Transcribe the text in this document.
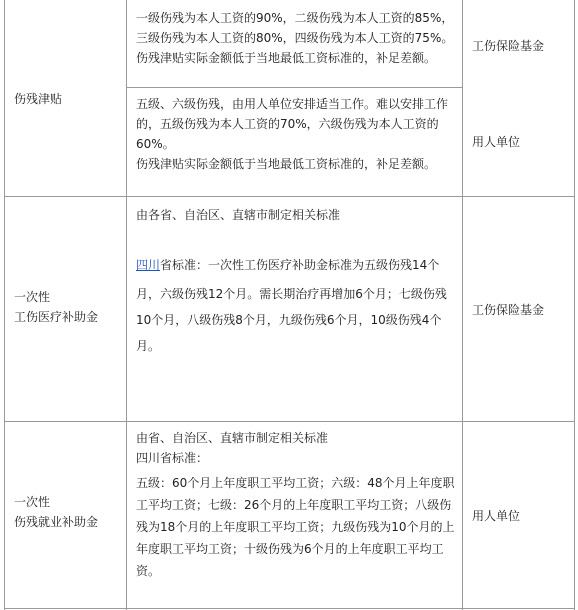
伤残津贴

一级伤残为本人工资的90%，二级伤残为本人工资的85%，

三级伤残为本人工资的80%，四级伤残为本人工资的75%。

伤残津贴实际金额低于当地最低工资标准的，补足差额。

工伤保险基金

五级、六级伤残，由用人单位安排适当工作。难以安排工作

的，五级伤残为本人工资的70%，六级伤残为本人工资的

60%。

伤残津贴实际金额低于当地最低工资标准的，补足差额。

用人单位

一次性

工伤医疗补助金

由各省、自治区、直辖市制定相关标准

四川省标准：一次性工伤医疗补助金标准为五级伤残14个

月，六级伤残12个月。需长期治疗再增加6个月；七级伤残

10个月，八级伤残8个月，九级伤残6个月，10级伤残4个

月。

工伤保险基金

一次性

伤残就业补助金

由省、自治区、直辖市制定相关标准

四川省标准：

五级：60个月上年度职工平均工资；六级：48个月上年度职

工平均工资；七级：26个月的上年度职工平均工资；八级伤

残为18个月的上年度职工平均工资；九级伤残为10个月的上

年度职工平均工资；十级伤残为6个月的上年度职工平均工

资。

用人单位
